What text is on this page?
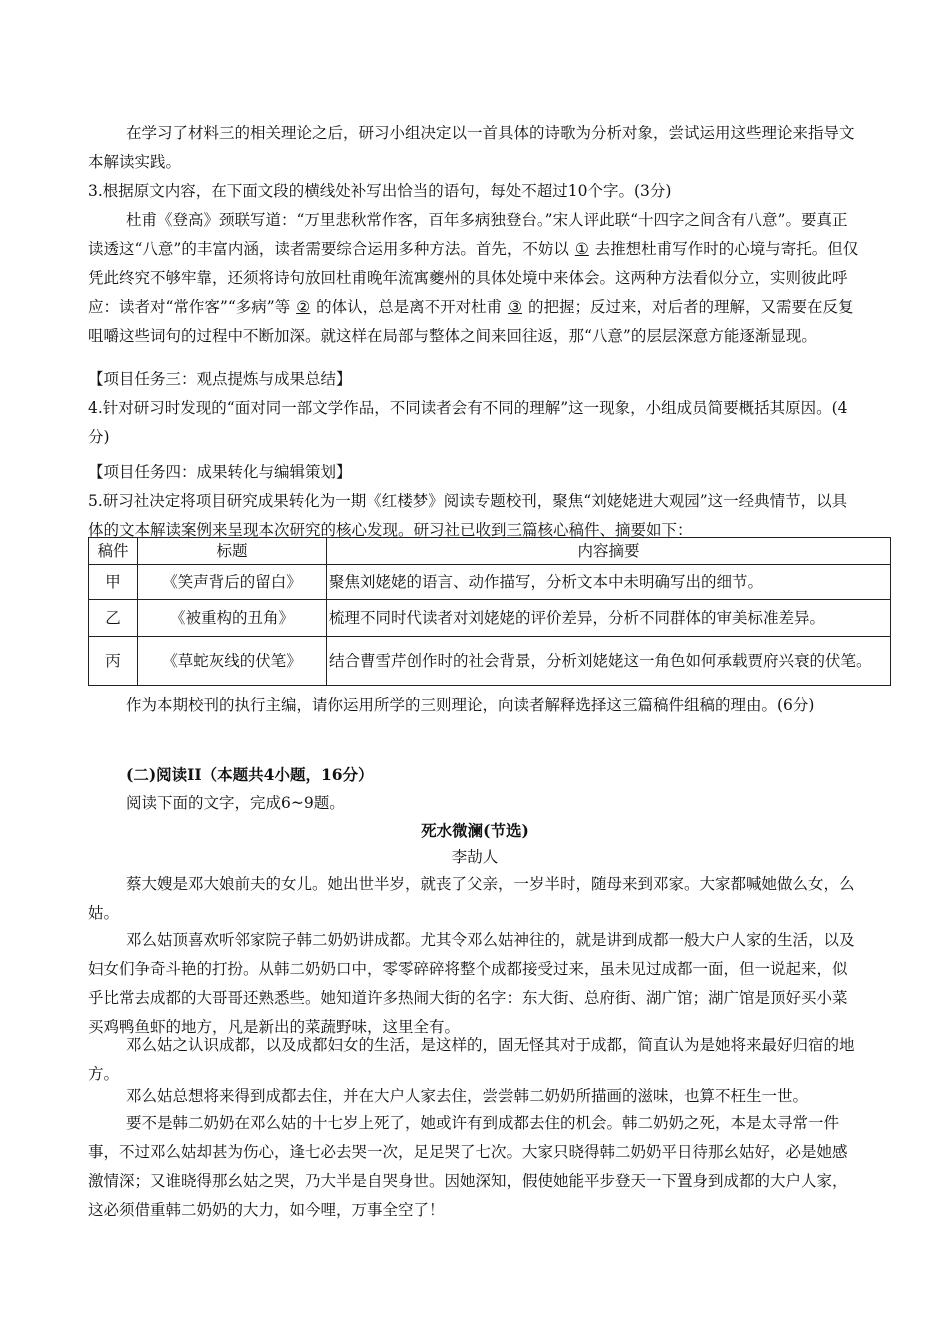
在学习了材料三的相关理论之后，研习小组决定以一首具体的诗歌为分析对象，尝试运用这些理论来指导文本解读实践。

3.根据原文内容，在下面文段的横线处补写出恰当的语句，每处不超过10个字。(3分)

杜甫《登高》颈联写道：“万里悲秋常作客，百年多病独登台。”宋人评此联“十四字之间含有八意”。要真正读透这“八意”的丰富内涵，读者需要综合运用多种方法。首先，不妨以 ① 去推想杜甫写作时的心境与寄托。但仅凭此终究不够牢靠，还须将诗句放回杜甫晚年流寓夔州的具体处境中来体会。这两种方法看似分立，实则彼此呼应：读者对“常作客”“多病”等 ② 的体认，总是离不开对杜甫 ③ 的把握；反过来，对后者的理解，又需要在反复咀嚼这些词句的过程中不断加深。就这样在局部与整体之间来回往返，那“八意”的层层深意方能逐渐显现。

【项目任务三：观点提炼与成果总结】

4.针对研习时发现的“面对同一部文学作品，不同读者会有不同的理解”这一现象，小组成员简要概括其原因。(4分)

【项目任务四：成果转化与编辑策划】

5.研习社决定将项目研究成果转化为一期《红楼梦》阅读专题校刊，聚焦“刘姥姥进大观园”这一经典情节，以具体的文本解读案例来呈现本次研究的核心发现。研习社已收到三篇核心稿件、摘要如下：

稿件	标题	内容摘要
甲	《笑声背后的留白》	聚焦刘姥姥的语言、动作描写，分析文本中未明确写出的细节。
乙	《被重构的丑角》	梳理不同时代读者对刘姥姥的评价差异，分析不同群体的审美标准差异。
丙	《草蛇灰线的伏笔》	结合曹雪芹创作时的社会背景，分析刘姥姥这一角色如何承载贾府兴衰的伏笔。

作为本期校刊的执行主编，请你运用所学的三则理论，向读者解释选择这三篇稿件组稿的理由。(6分)

(二)阅读II（本题共4小题，16分）

阅读下面的文字，完成6~9题。

死水微澜(节选)

李劼人

蔡大嫂是邓大娘前夫的女儿。她出世半岁，就丧了父亲，一岁半时，随母来到邓家。大家都喊她做么女，么姑。

邓么姑顶喜欢听邻家院子韩二奶奶讲成都。尤其令邓么姑神往的，就是讲到成都一般大户人家的生活，以及妇女们争奇斗艳的打扮。从韩二奶奶口中，零零碎碎将整个成都接受过来，虽未见过成都一面，但一说起来，似乎比常去成都的大哥哥还熟悉些。她知道许多热闹大街的名字：东大街、总府街、湖广馆；湖广馆是顶好买小菜买鸡鸭鱼虾的地方，凡是新出的菜蔬野味，这里全有。

邓么姑之认识成都，以及成都妇女的生活，是这样的，固无怪其对于成都，简直认为是她将来最好归宿的地方。

邓么姑总想将来得到成都去住，并在大户人家去住，尝尝韩二奶奶所描画的滋味，也算不枉生一世。

要不是韩二奶奶在邓么姑的十七岁上死了，她或许有到成都去住的机会。韩二奶奶之死，本是太寻常一件事，不过邓么姑却甚为伤心，逢七必去哭一次，足足哭了七次。大家只晓得韩二奶奶平日待那幺姑好，必是她感激情深；又谁晓得那幺姑之哭，乃大半是自哭身世。因她深知，假使她能平步登天一下置身到成都的大户人家，这必须借重韩二奶奶的大力，如今哩，万事全空了！
